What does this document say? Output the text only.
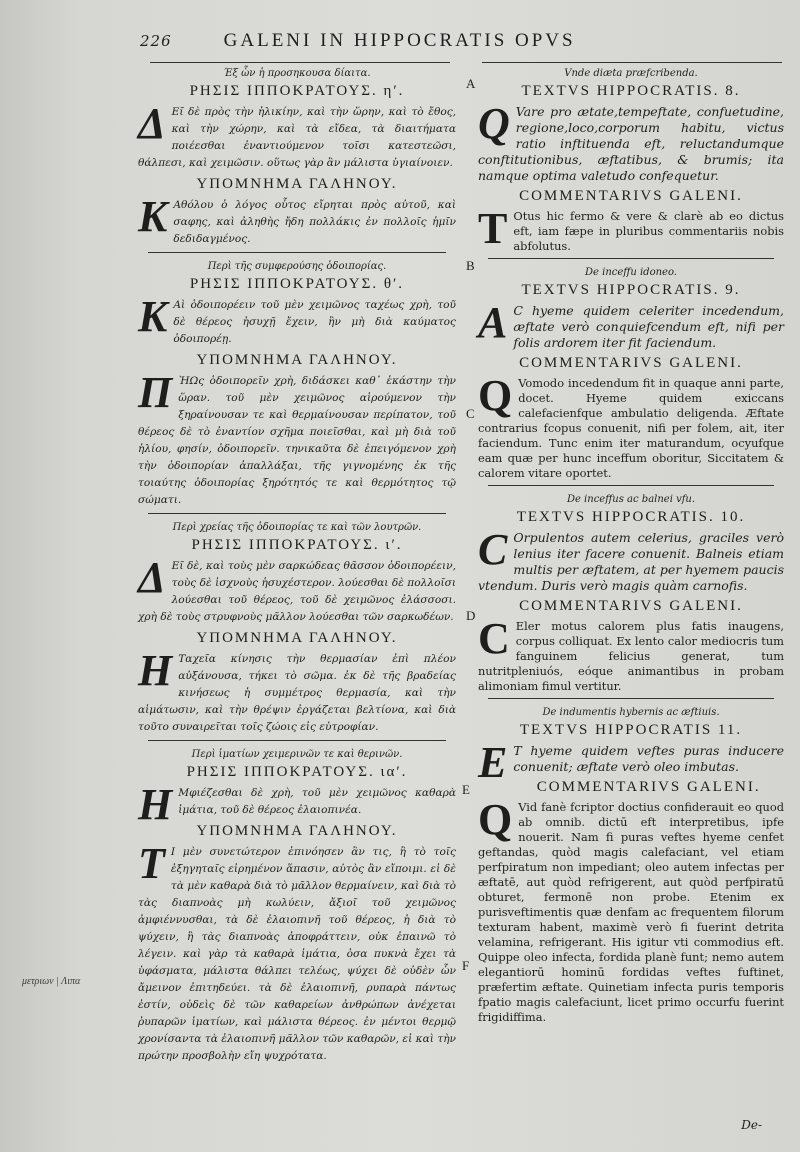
226	GALENI IN HIPPOCRATIS OPVS
A
B
C
D
E
F
μετριων | Λιπα
Έξ ὧν ἡ προσηκουσα δίαιτα.
ΡΗΣΙΣ ΙΠΠΟΚΡΑΤΟΥΣ. ηʹ.

Δ Εῖ δὲ πρὸς τὴν ἡλικίην, καὶ τὴν ὥρην, καὶ τὸ ἔθος, καὶ τὴν χώρην, καὶ τὰ εἴδεα, τὰ διαιτήματα ποιέεσθαι ἐναντιούμενον τοῖσι κατεστεῶσι, θάλπεσι, καὶ χειμῶσιν. οὕτως γὰρ ἂν μάλιστα ὑγιαίνοιεν.

ΥΠΟΜΝΗΜΑ ΓΑΛΗΝΟΥ.

Κ Αθόλου ὁ λόγος οὗτος εἴρηται πρὸς αὐτοῦ, καὶ σαφης, καὶ ἀληθὴς ἤδη πολλάκις ἐν πολλοῖς ἡμῖν δεδιδαγμένος.

Περὶ τῆς συμφερούσης ὁδοιπορίας.
ΡΗΣΙΣ ΙΠΠΟΚΡΑΤΟΥΣ. θʹ.

Κ Αὶ ὁδοιπορέειν τοῦ μὲν χειμῶνος ταχέως χρὴ, τοῦ δὲ θέρεος ἡσυχῇ ἔχειν, ἢν μὴ διὰ καύματος ὁδοιπορέῃ.

ΥΠΟΜΝΗΜΑ ΓΑΛΗΝΟΥ.

Π ῊΩς ὁδοιπορεῖν χρὴ, διδάσκει καθ᾽ ἑκάστην τὴν ὥραν. τοῦ μὲν χειμῶνος αἱρούμενον τὴν ξηραίνουσαν τε καὶ θερμαίνουσαν περίπατον, τοῦ θέρεος δὲ τὸ ἐναντίον σχῆμα ποιεῖσθαι, καὶ μὴ διὰ τοῦ ἡλίου, φησίν, ὁδοιπορεῖν. τηνικαῦτα δὲ ἐπειγόμενον χρὴ τὴν ὁδοιπορίαν ἀπαλλάξαι, τῆς γιγνομένης ἐκ τῆς τοιαύτης ὁδοιπορίας ξηρότητός τε καὶ θερμότητος τῷ σώματι.

Περὶ χρείας τῆς ὁδοιπορίας τε καὶ τῶν λουτρῶν.
ΡΗΣΙΣ ΙΠΠΟΚΡΑΤΟΥΣ. ιʹ.

Δ Εῖ δὲ, καὶ τοὺς μὲν σαρκώδεας θᾶσσον ὁδοιπορέειν, τοὺς δὲ ἰσχνοὺς ἡσυχέστερον. λούεσθαι δὲ πολλοῖσι λούεσθαι τοῦ θέρεος, τοῦ δὲ χειμῶνος ἐλάσσοσι. χρὴ δὲ τοὺς στρυφνοὺς μᾶλλον λούεσθαι τῶν σαρκωδέων.

ΥΠΟΜΝΗΜΑ ΓΑΛΗΝΟΥ.

Η Ταχεῖα κίνησις τὴν θερμασίαν ἐπὶ πλέον αὐξάνουσα, τήκει τὸ σῶμα. ἐκ δὲ τῆς βραδείας κινήσεως ἡ συμμέτρος θερμασία, καὶ τὴν αἱμάτωσιν, καὶ τὴν θρέψιν ἐργάζεται βελτίονα, καὶ διὰ τοῦτο συναιρεῖται τοῖς ζώοις εἰς εὐτροφίαν.

Περὶ ἱματίων χειμερινῶν τε καὶ θερινῶν.
ΡΗΣΙΣ ΙΠΠΟΚΡΑΤΟΥΣ. ιαʹ.

Η Μφιέζεσθαι δὲ χρὴ, τοῦ μὲν χειμῶνος καθαρὰ ἱμάτια, τοῦ δὲ θέρεος ἐλαιοπινέα.

ΥΠΟΜΝΗΜΑ ΓΑΛΗΝΟΥ.

Τ Ι μὲν συνετώτερον ἐπινόησεν ἂν τις, ἢ τὸ τοῖς ἐξηγηταῖς εἰρημένον ἅπασιν, αὐτὸς ἂν εἴποιμι. εἰ δὲ τὰ μὲν καθαρὰ διὰ τὸ μᾶλλον θερμαίνειν, καὶ διὰ τὸ τὰς διαπνοὰς μὴ κωλύειν, ἄξιοῖ τοῦ χειμῶνος ἀμφιέννυσθαι, τὰ δὲ ἐλαιοπινῆ τοῦ θέρεος, ἡ διὰ τὸ ψύχειν, ἢ τὰς διαπνοὰς ἀποφράττειν, οὐκ ἐπαινῶ τὸ λέγειν. καὶ γὰρ τὰ καθαρὰ ἱμάτια, ὁσα πυκνὰ ἔχει τὰ ὑφάσματα, μάλιστα θάλπει τελέως, ψύχει δὲ οὐδὲν ὧν ἄμεινον ἐπιτηδεύει. τὰ δὲ ἐλαιοπινῆ, ρυπαρὰ πάντως ἐστίν, οὐδεὶς δὲ τῶν καθαρείων ἀνθρώπων ἀνέχεται ῥυπαρῶν ἱματίων, καὶ μάλιστα θέρεος. ἐν μέντοι θερμῷ χρονίσαντα τὰ ἐλαιοπινῆ μᾶλλον τῶν καθαρῶν, εἰ καὶ τὴν πρώτην προσβολὴν εἴη ψυχρότατα.

Vnde diæta præfcribenda.
TEXTVS HIPPOCRATIS. 8.

Q Vare pro ætate,tempeftate, confuetudine, regione,loco,corporum habitu, victus ratio inftituenda eft, reluctandumque conftitutionibus, æftatibus, & brumis; ita namque optima valetudo confequetur.

COMMENTARIVS GALENI.

T Otus hic fermo & vere & clarè ab eo dictus eft, iam fæpe in pluribus commentariis nobis abfolutus.

De inceffu idoneo.
TEXTVS HIPPOCRATIS. 9.

A C hyeme quidem celeriter incedendum, æftate verò conquiefcendum eft, nifi per folis ardorem iter fit faciendum.

COMMENTARIVS GALENI.

Q Vomodo incedendum fit in quaque anni parte, docet. Hyeme quidem exiccans calefacienfque ambulatio deligenda. Æftate contrarius fcopus conuenit, nifi per folem, ait, iter faciendum. Tunc enim iter maturandum, ocyufque eam quæ per hunc inceffum oboritur, Siccitatem & calorem vitare oportet.

De inceffus ac balnei vfu.
TEXTVS HIPPOCRATIS. 10.

C Orpulentos autem celerius, graciles verò lenius iter facere conuenit. Balneis etiam multis per æftatem, at per hyemem paucis vtendum. Duris verò magis quàm carnofis.

COMMENTARIVS GALENI.

C Eler motus calorem plus fatis inaugens, corpus colliquat. Ex lento calor mediocris tum fanguinem felicius generat, tum nutritpleniuós, eóque animantibus in probam alimoniam fimul vertitur.

De indumentis hybernis ac æftiuis.
TEXTVS HIPPOCRATIS 11.

E T hyeme quidem veftes puras inducere conuenit; æftate verò oleo imbutas.

COMMENTARIVS GALENI.

Q Vid fanè fcriptor doctius confiderauit eo quod ab omnib. dictū eft interpretibus, ipfe nouerit. Nam fi puras veftes hyeme cenfet geftandas, quòd magis calefaciant, vel etiam perfpiratum non impediant; oleo autem infectas per æftatē, aut quòd refrigerent, aut quòd perfpiratū obturet, fermonē non probe. Etenim ex purisveftimentis quæ denfam ac frequentem filorum texturam habent, maximè verò fi fuerint detrita velamina, refrigerant. His igitur vti commodius eft. Quippe oleo infecta, fordida planè funt; nemo autem elegantiorū hominū fordidas veftes fuftinet, præfertim æftate. Quinetiam infecta puris temporis fpatio magis calefaciunt, licet primo occurfu fuerint frigidiffima.

De-
